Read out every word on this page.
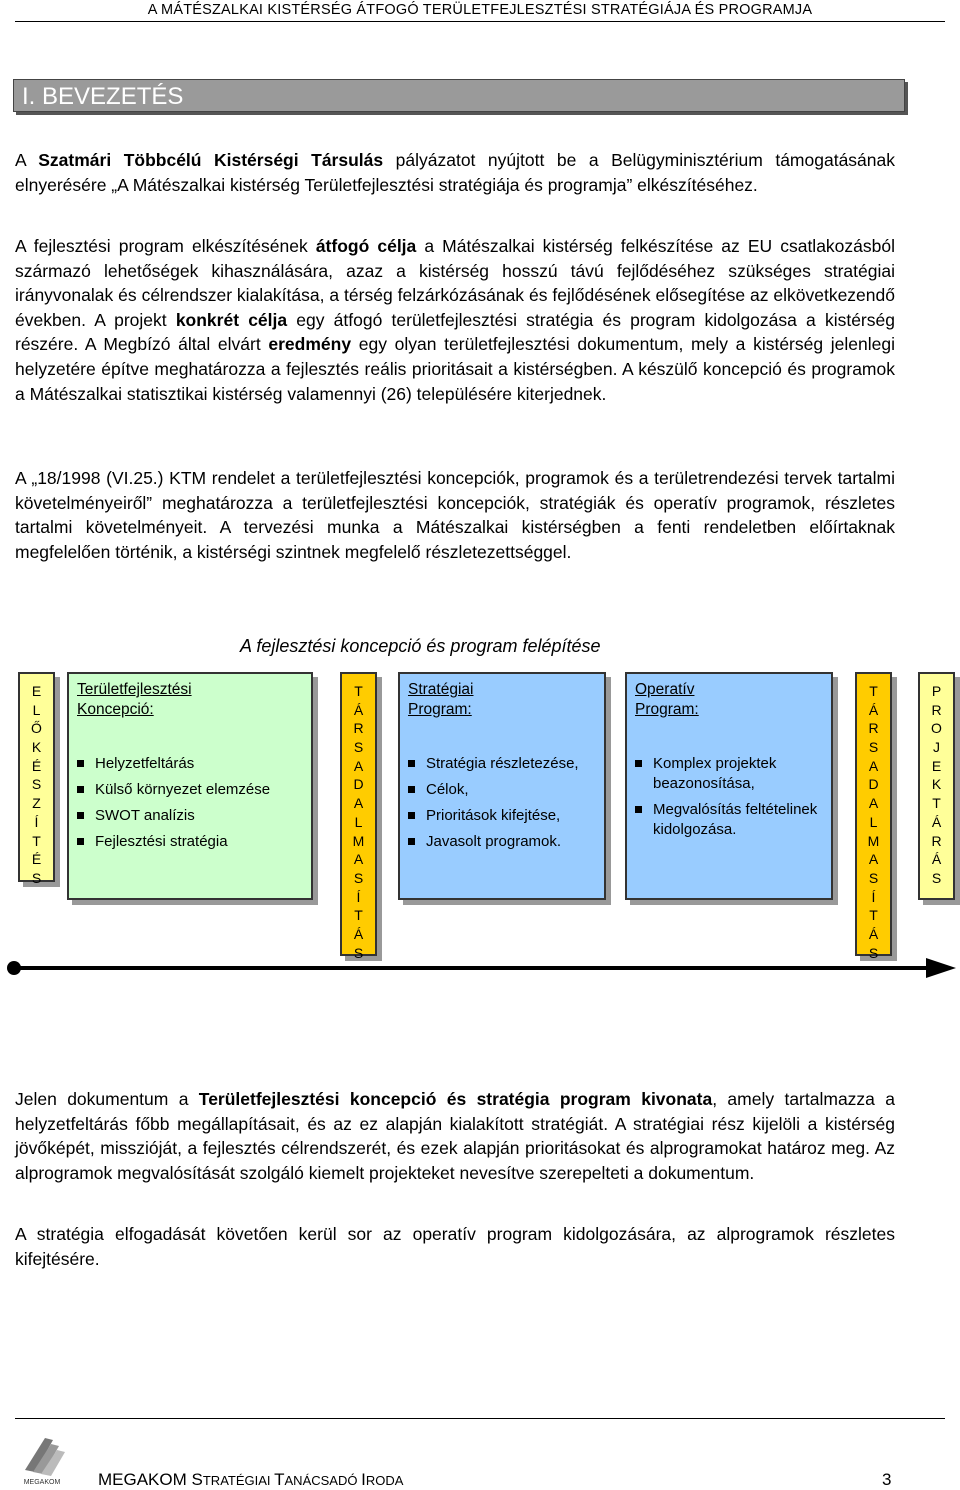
A MÁTÉSZALKAI KISTÉRSÉG ÁTFOGÓ TERÜLETFEJLESZTÉSI STRATÉGIÁJA ÉS PROGRAMJA
I. BEVEZETÉS

A Szatmári Többcélú Kistérségi Társulás pályázatot nyújtott be a Belügyminisztérium támogatásának elnyerésére „A Mátészalkai kistérség Területfejlesztési stratégiája és programja” elkészítéséhez.

A fejlesztési program elkészítésének átfogó célja a Mátészalkai kistérség felkészítése az EU csatlakozásból származó lehetőségek kihasználására, azaz a kistérség hosszú távú fejlődéséhez szükséges stratégiai irányvonalak és célrendszer kialakítása, a térség felzárkózásának és fejlődésének elősegítése az elkövetkezendő években. A projekt konkrét célja egy átfogó területfejlesztési stratégia és program kidolgozása a kistérség részére. A Megbízó által elvárt eredmény egy olyan területfejlesztési dokumentum, mely a kistérség jelenlegi helyzetére építve meghatározza a fejlesztés reális prioritásait a kistérségben. A készülő koncepció és programok a Mátészalkai statisztikai kistérség valamennyi (26) településére kiterjednek.

A „18/1998 (VI.25.) KTM rendelet a területfejlesztési koncepciók, programok és a területrendezési tervek tartalmi követelményeiről” meghatározza a területfejlesztési koncepciók, stratégiák és operatív programok, részletes tartalmi követelményeit. A tervezési munka a Mátészalkai kistérségben a fenti rendeletben előírtaknak megfelelően történik, a kistérségi szintnek megfelelő részletezettséggel.

A fejlesztési koncepció és program felépítése
E
L
Ő
K
É
S
Z
Í
T
É
S
Területfejlesztési
Koncepció:
Helyzetfeltárás
Külső környezet elemzése
SWOT analízis
Fejlesztési stratégia
T
Á
R
S
A
D
A
L
M
A
S
Í
T
Á
S
Stratégiai
Program:
Stratégia részletezése,
Célok,
Prioritások kifejtése,
Javasolt programok.
Operatív
Program:
Komplex projektek beazonosítása,
Megvalósítás feltételinek kidolgozása.
T
Á
R
S
A
D
A
L
M
A
S
Í
T
Á
S
P
R
O
J
E
K
T
Á
R
Á
S

Jelen dokumentum a Területfejlesztési koncepció és stratégia program kivonata, amely tartalmazza a helyzetfeltárás főbb megállapításait, és az ez alapján kialakított stratégiát. A stratégiai rész kijelöli a kistérség jövőképét, misszióját, a fejlesztés célrendszerét, és ezek alapján prioritásokat és alprogramokat határoz meg. Az alprogramok megvalósítását szolgáló kiemelt projekteket nevesítve szerepelteti a dokumentum.

A stratégia elfogadását követően kerül sor az operatív program kidolgozására, az alprogramok részletes kifejtésére.

MEGAKOM MEGAKOM STRATÉGIAI TANÁCSADÓ IRODA	3
